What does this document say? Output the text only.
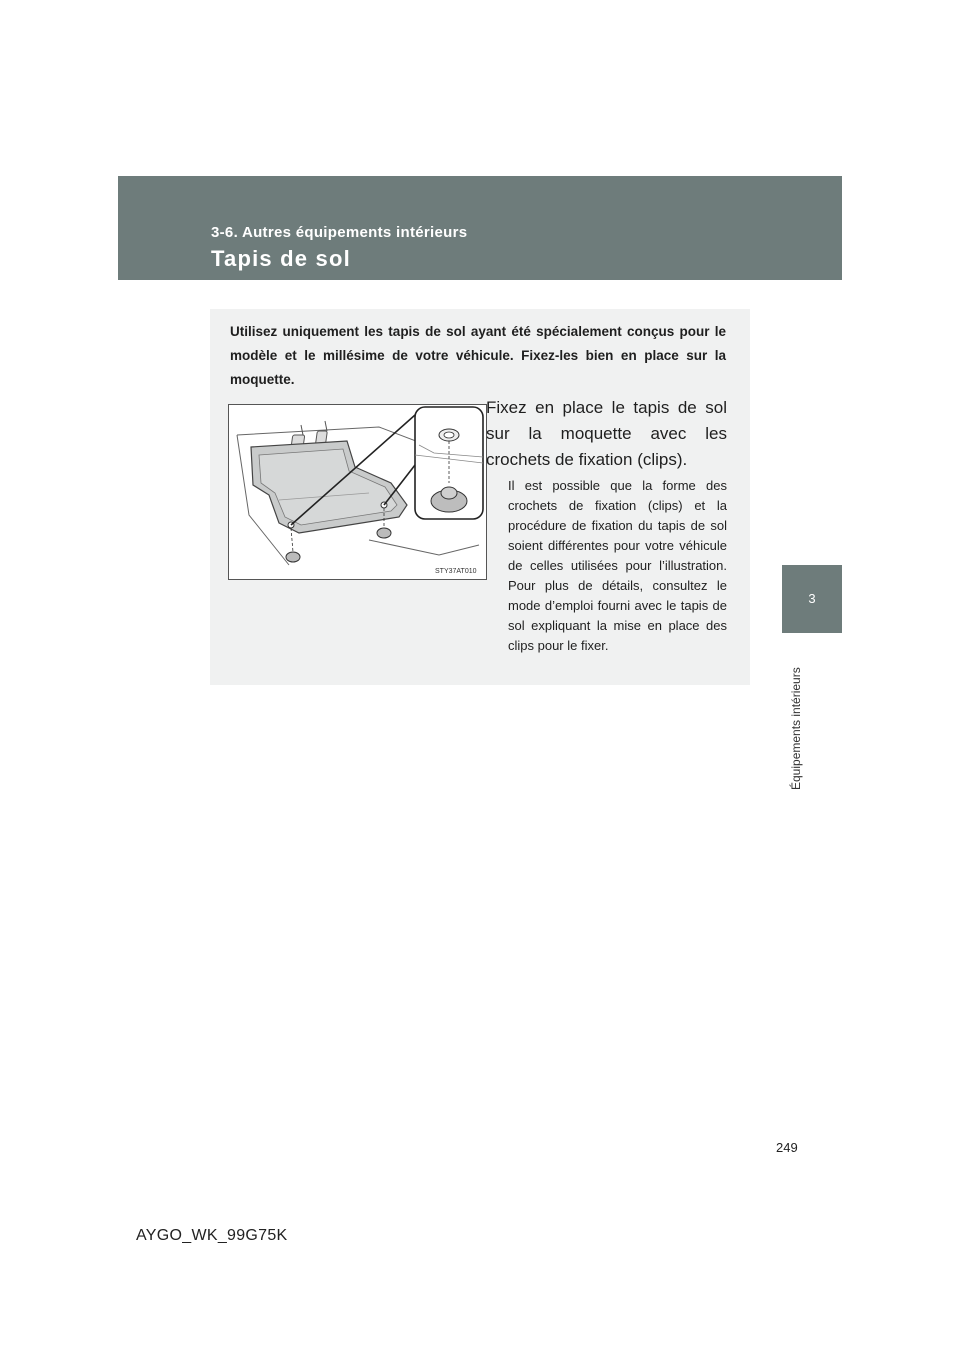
3-6. Autres équipements intérieurs
Tapis de sol
3
Équipements intérieurs
Utilisez uniquement les tapis de sol ayant été spécialement conçus pour le modèle et le millésime de votre véhicule. Fixez-les bien en place sur la moquette.
STY37AT010
Fixez en place le tapis de sol sur la moquette avec les crochets de fixation (clips).
Il est possible que la forme des crochets de fixation (clips) et la procédure de fixation du tapis de sol soient différentes pour votre véhicule de celles utilisées pour l’illustration. Pour plus de détails, consultez le mode d’emploi fourni avec le tapis de sol expliquant la mise en place des clips pour le fixer.
249
AYGO_WK_99G75K
